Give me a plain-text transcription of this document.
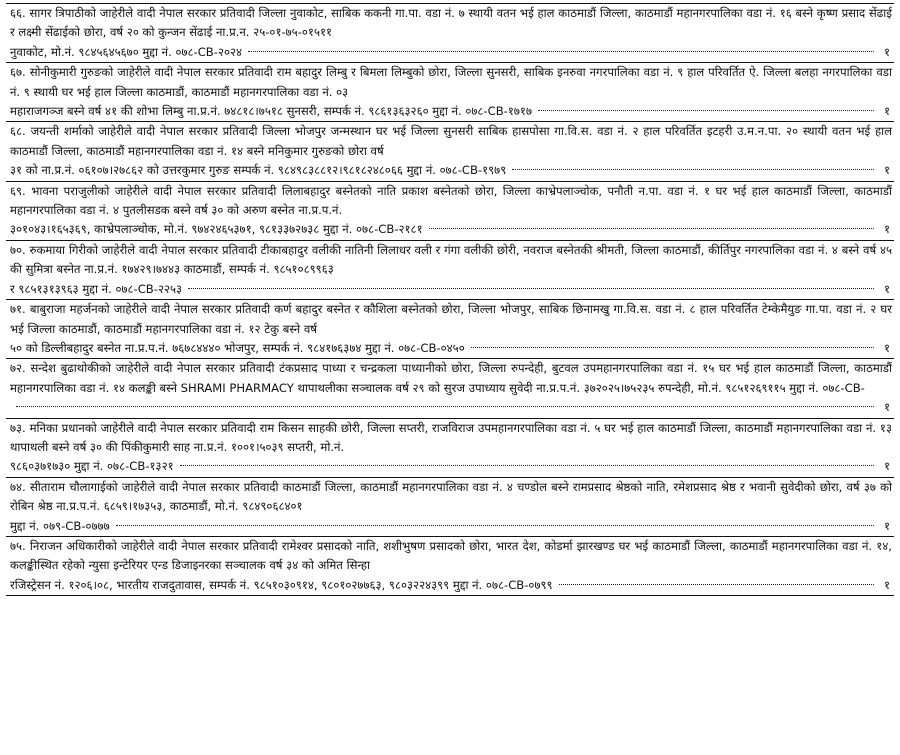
६६. सागर त्रिपाठीको जाहेरीले वादी नेपाल सरकार प्रतिवादी जिल्ला नुवाकोट, साबिक ककनी गा.पा. वडा नं. ७ स्थायी वतन भई हाल काठमाडौं जिल्ला, काठमाडौं महानगरपालिका वडा नं. १६ बस्ने कृष्ण प्रसाद सेंढाई र लक्ष्मी सेंढाईको छोरा, वर्ष २० को कुन्जन सेंढाई ना.प्र.न. २५-०१-७५-०१५११

नुवाकोट, मो.नं. ९८४५६४५६७० मुद्दा नं. ०७८-CB-२०२४	१

६७. सोनीकुमारी गुरुङको जाहेरीले वादी नेपाल सरकार प्रतिवादी राम बहादुर लिम्बु र बिमला लिम्बुको छोरा, जिल्ला सुनसरी, साबिक इनरुवा नगरपालिका वडा नं. ९ हाल परिवर्तित ऐ. जिल्ला बलहा नगरपालिका वडा नं. ९ स्थायी घर भई हाल जिल्ला काठमाडौं, काठमाडौं महानगरपालिका वडा नं. ०३

महाराजगञ्ज बस्ने वर्ष ४१ की शोभा लिम्बु ना.प्र.नं. ७४८१८।७५१८ सुनसरी, सम्पर्क नं. ९८६१३६३२६० मुद्दा नं. ०७८-CB-१७१७	१

६८. जयन्ती शर्माको जाहेरीले वादी नेपाल सरकार प्रतिवादी जिल्ला भोजपुर जन्मस्थान घर भई जिल्ला सुनसरी साबिक हासपोसा गा.वि.स. वडा नं. २ हाल परिवर्तित इटहरी उ.म.न.पा. २० स्थायी वतन भई हाल काठमाडौं जिल्ला, काठमाडौं महानगरपालिका वडा नं. १४ बस्ने मनिकुमार गुरुङको छोरा वर्ष

३१ को ना.प्र.नं. ०६१०७।२७८६२ को उत्तरकुमार गुरुङ सम्पर्क नं. ९८४९८३८८१२।९८१८२४८०६६ मुद्दा नं. ०७८-CB-१९७९	१

६९. भावना पराजुलीको जाहेरीले वादी नेपाल सरकार प्रतिवादी लिलाबहादुर बस्नेतको नाति प्रकाश बस्नेतको छोरा, जिल्ला काभ्रेपलाञ्चोक, पनौती न.पा. वडा नं. १ घर भई हाल काठमाडौं जिल्ला, काठमाडौं महानगरपालिका वडा नं. ४ पुतलीसडक बस्ने वर्ष ३० को अरुण बस्नेत ना.प्र.प.नं.

३०१०४३।१६५३६९, काभ्रेपलाञ्चोक, मो.नं. ९७४२४६५३७१, ९८१३३७२७३८ मुद्दा नं. ०७८-CB-२१८१	१

७०. रुकमाया गिरीको जाहेरीले वादी नेपाल सरकार प्रतिवादी टीकाबहादुर वलीकी नातिनी लिलाधर वली र गंगा वलीकी छोरी, नवराज बस्नेतकी श्रीमती, जिल्ला काठमाडौं, कीर्तिपुर नगरपालिका वडा नं. ४ बस्ने वर्ष ४५ की सुमित्रा बस्नेत ना.प्र.नं. १७४२९।७४४३ काठमाडौं, सम्पर्क नं. ९८५१०८९९६३

र ९८५१३१३९६३ मुद्दा नं. ०७८-CB-२२५३	१

७१. बाबुराजा महर्जनको जाहेरीले वादी नेपाल सरकार प्रतिवादी कर्ण बहादुर बस्नेत र कौशिला बस्नेतको छोरा, जिल्ला भोजपुर, साबिक छिनामखु गा.वि.स. वडा नं. ८ हाल परिवर्तित टेम्केमैयुङ गा.पा. वडा नं. २ घर भई जिल्ला काठमाडौं, काठमाडौं महानगरपालिका वडा नं. १२ टेकु बस्ने वर्ष

५० को डिल्लीबहादुर बस्नेत ना.प्र.प.नं. ७६७८४४४० भोजपुर, सम्पर्क नं. ९८४१७६३७४ मुद्दा नं. ०७८-CB-०४५०	१

७२. सन्देश बुढाथोकीको जाहेरीले वादी नेपाल सरकार प्रतिवादी टंकप्रसाद पाध्या र चन्द्रकला पाध्यानीको छोरा, जिल्ला रुपन्देही, बुटवल उपमहानगरपालिका वडा नं. १५ घर भई हाल काठमाडौं जिल्ला, काठमाडौं महानगरपालिका वडा नं. १४ कलङ्की बस्ने SHRAMI PHARMACY थापाथलीका सञ्चालक वर्ष २९ को सुरज उपाध्याय सुवेदी ना.प्र.प.नं. ३७२०२५।७५२३५ रुपन्देही, मो.नं. ९८५१२६९११५ मुद्दा नं. ०७८-CB-

१

७३. मनिका प्रधानको जाहेरीले वादी नेपाल सरकार प्रतिवादी राम किसन साहकी छोरी, जिल्ला सप्तरी, राजविराज उपमहानगरपालिका वडा नं. ५ घर भई हाल काठमाडौं जिल्ला, काठमाडौं महानगरपालिका वडा नं. १३ थापाथली बस्ने वर्ष ३० की पिंकीकुमारी साह ना.प्र.नं. १००१।५०३९ सप्तरी, मो.नं.

९८६०३७१७३० मुद्दा नं. ०७८-CB-१३२१	१

७४. सीताराम चौलागाईको जाहेरीले वादी नेपाल सरकार प्रतिवादी काठमाडौं जिल्ला, काठमाडौं महानगरपालिका वडा नं. ४ चण्डोल बस्ने रामप्रसाद श्रेष्ठको नाति, रमेशप्रसाद श्रेष्ठ र भवानी सुवेदीको छोरा, वर्ष ३७ को रोबिन श्रेष्ठ ना.प्र.प.नं. ६८५९।१७३५३, काठमाडौं, मो.नं. ९८४९०६८४०१

मुद्दा नं. ०७९-CB-०७७७	१

७५. निराजन अधिकारीको जाहेरीले वादी नेपाल सरकार प्रतिवादी रामेश्वर प्रसादको नाति, शशीभुषण प्रसादको छोरा, भारत देश, कोडर्मा झारखण्ड घर भई काठमाडौं जिल्ला, काठमाडौं महानगरपालिका वडा नं. १४, कलङ्कीस्थित रहेको न्युसा इन्टेरियर एन्ड डिजाइनरका सञ्चालक वर्ष ३४ को अमित सिन्हा

रजिस्ट्रेसन नं. १२०६।०८, भारतीय राजदुतावास, सम्पर्क नं. ९८५१०३०९१४, ९८०१०२७७६३, ९८०३२२४३९९ मुद्दा नं. ०७८-CB-०७९९	१
